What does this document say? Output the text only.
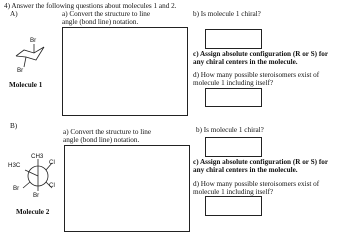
4) Answer the following questions about molecules 1 and 2.
A)
Br
Br
Molecule 1
a) Convert the structure to line
angle (bond line) notation.
b) Is molecule 1 chiral?
c) Assign absolute configuration (R or S) for
any chiral centers in the molecule.
d) How many possible steroisomers exist of
molecule 1 including itself?
B)
CH3
H3C	Cl
Cl
Br
Br
Molecule 2
a) Convert the structure to line
angle (bond line) notation.
b) Is molecule 1 chiral?
c) Assign absolute configuration (R or S) for
any chiral centers in the molecule.
d) How many possible steroisomers exist of
molecule 1 including itself?
